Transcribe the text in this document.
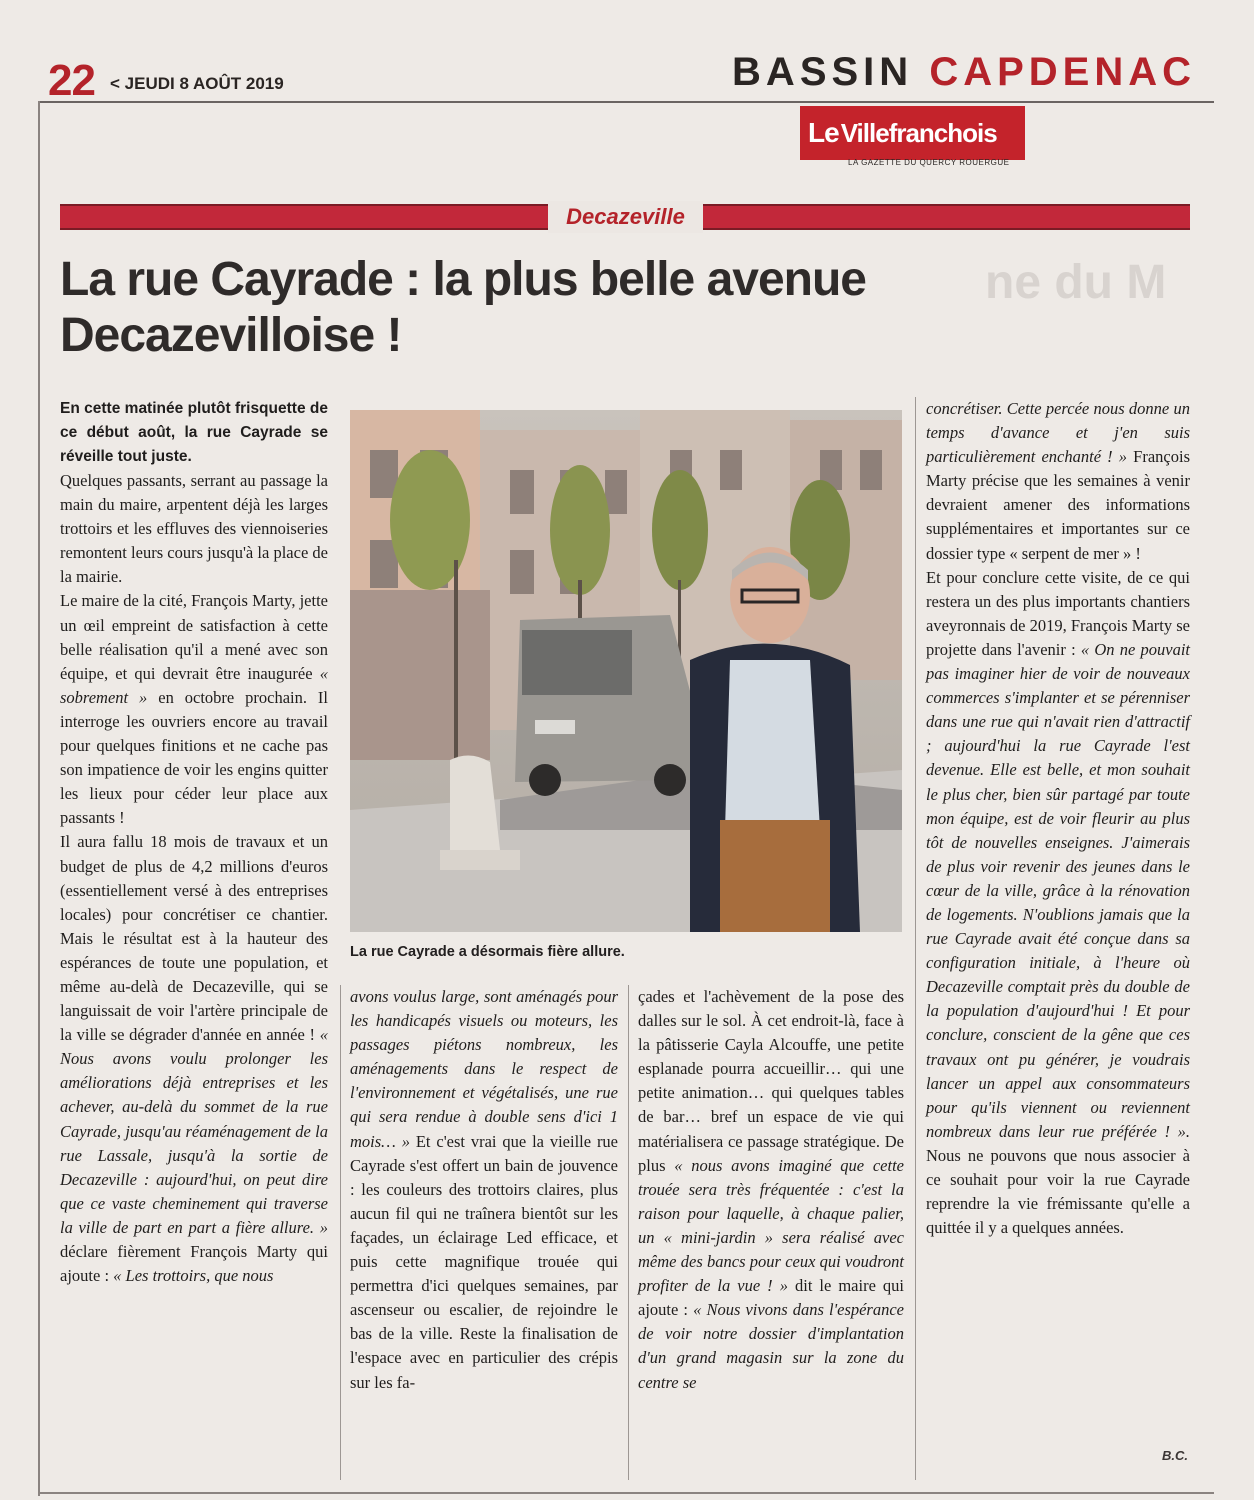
22 < JEUDI 8 AOÛT 2019	BASSIN CAPDENAC
Le Villefranchois
LA GAZETTE DU QUERCY ROUERGUE
Decazeville
ne du M
La rue Cayrade : la plus belle avenue
Decazevilloise !

En cette matinée plutôt frisquette de ce début août, la rue Cayrade se réveille tout juste.

Quelques passants, serrant au passage la main du maire, arpentent déjà les larges trottoirs et les effluves des viennoiseries remontent leurs cours jusqu'à la place de la mairie.

Le maire de la cité, François Marty, jette un œil empreint de satisfaction à cette belle réalisation qu'il a mené avec son équipe, et qui devrait être inaugurée « sobrement » en octobre prochain. Il interroge les ouvriers encore au travail pour quelques finitions et ne cache pas son impatience de voir les engins quitter les lieux pour céder leur place aux passants !

Il aura fallu 18 mois de travaux et un budget de plus de 4,2 millions d'euros (essentiellement versé à des entreprises locales) pour concrétiser ce chantier. Mais le résultat est à la hauteur des espérances de toute une population, et même au-delà de Decazeville, qui se languissait de voir l'artère principale de la ville se dégrader d'année en année ! « Nous avons voulu prolonger les améliorations déjà entreprises et les achever, au-delà du sommet de la rue Cayrade, jusqu'au réaménagement de la rue Lassale, jusqu'à la sortie de Decazeville : aujourd'hui, on peut dire que ce vaste cheminement qui traverse la ville de part en part a fière allure. » déclare fièrement François Marty qui ajoute : « Les trottoirs, que nous

La rue Cayrade a désormais fière allure.

avons voulus large, sont aménagés pour les handicapés visuels ou moteurs, les passages piétons nombreux, les aménagements dans le respect de l'environnement et végétalisés, une rue qui sera rendue à double sens d'ici 1 mois… » Et c'est vrai que la vieille rue Cayrade s'est offert un bain de jouvence : les couleurs des trottoirs claires, plus aucun fil qui ne traînera bientôt sur les façades, un éclairage Led efficace, et puis cette magnifique trouée qui permettra d'ici quelques semaines, par ascenseur ou escalier, de rejoindre le bas de la ville. Reste la finalisation de l'espace avec en particulier des crépis sur les fa-

çades et l'achèvement de la pose des dalles sur le sol. À cet endroit-là, face à la pâtisserie Cayla Alcouffe, une petite esplanade pourra accueillir… qui une petite animation… qui quelques tables de bar… bref un espace de vie qui matérialisera ce passage stratégique. De plus « nous avons imaginé que cette trouée sera très fréquentée : c'est la raison pour laquelle, à chaque palier, un « mini-jardin » sera réalisé avec même des bancs pour ceux qui voudront profiter de la vue ! » dit le maire qui ajoute : « Nous vivons dans l'espérance de voir notre dossier d'implantation d'un grand magasin sur la zone du centre se

concrétiser. Cette percée nous donne un temps d'avance et j'en suis particulièrement enchanté ! » François Marty précise que les semaines à venir devraient amener des informations supplémentaires et importantes sur ce dossier type « serpent de mer » !

Et pour conclure cette visite, de ce qui restera un des plus importants chantiers aveyronnais de 2019, François Marty se projette dans l'avenir : « On ne pouvait pas imaginer hier de voir de nouveaux commerces s'implanter et se pérenniser dans une rue qui n'avait rien d'attractif ; aujourd'hui la rue Cayrade l'est devenue. Elle est belle, et mon souhait le plus cher, bien sûr partagé par toute mon équipe, est de voir fleurir au plus tôt de nouvelles enseignes. J'aimerais de plus voir revenir des jeunes dans le cœur de la ville, grâce à la rénovation de logements. N'oublions jamais que la rue Cayrade avait été conçue dans sa configuration initiale, à l'heure où Decazeville comptait près du double de la population d'aujourd'hui ! Et pour conclure, conscient de la gêne que ces travaux ont pu générer, je voudrais lancer un appel aux consommateurs pour qu'ils viennent ou reviennent nombreux dans leur rue préférée ! ». Nous ne pouvons que nous associer à ce souhait pour voir la rue Cayrade reprendre la vie frémissante qu'elle a quittée il y a quelques années.

B.C.
